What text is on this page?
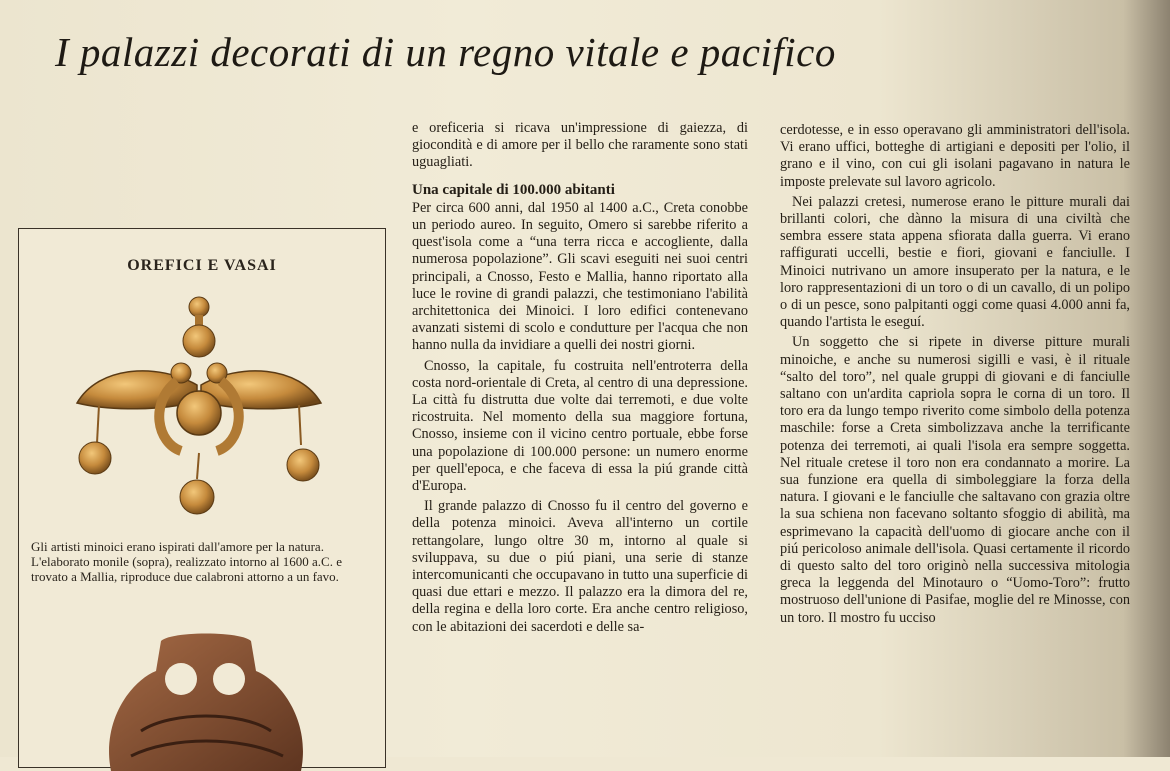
I palazzi decorati di un regno vitale e pacifico
OREFICI E VASAI

Gli artisti minoici erano ispirati dall'amore per la natura. L'elaborato monile (sopra), realizzato intorno al 1600 a.C. e trovato a Mallia, riproduce due calabroni attorno a un favo.

e oreficeria si ricava un'impressione di gaiezza, di giocondità e di amore per il bello che raramente sono stati uguagliati.

Una capitale di 100.000 abitanti

Per circa 600 anni, dal 1950 al 1400 a.C., Creta conobbe un periodo aureo. In seguito, Omero si sarebbe riferito a quest'isola come a “una terra ricca e accogliente, dalla numerosa popolazione”. Gli scavi eseguiti nei suoi centri principali, a Cnosso, Festo e Mallia, hanno riportato alla luce le rovine di grandi palazzi, che testimoniano l'abilità architettonica dei Minoici. I loro edifici contenevano avanzati sistemi di scolo e condutture per l'acqua che non hanno nulla da invidiare a quelli dei nostri giorni.

Cnosso, la capitale, fu costruita nell'entroterra della costa nord-orientale di Creta, al centro di una depressione. La città fu distrutta due volte dai terremoti, e due volte ricostruita. Nel momento della sua maggiore fortuna, Cnosso, insieme con il vicino centro portuale, ebbe forse una popolazione di 100.000 persone: un numero enorme per quell'epoca, e che faceva di essa la piú grande città d'Europa.

Il grande palazzo di Cnosso fu il centro del governo e della potenza minoici. Aveva all'interno un cortile rettangolare, lungo oltre 30 m, intorno al quale si sviluppava, su due o piú piani, una serie di stanze intercomunicanti che occupavano in tutto una superficie di quasi due ettari e mezzo. Il palazzo era la dimora del re, della regina e della loro corte. Era anche centro religioso, con le abitazioni dei sacerdoti e delle sa-

cerdotesse, e in esso operavano gli amministratori dell'isola. Vi erano uffici, botteghe di artigiani e depositi per l'olio, il grano e il vino, con cui gli isolani pagavano in natura le imposte prelevate sul lavoro agricolo.

Nei palazzi cretesi, numerose erano le pitture murali dai brillanti colori, che dànno la misura di una civiltà che sembra essere stata appena sfiorata dalla guerra. Vi erano raffigurati uccelli, bestie e fiori, giovani e fanciulle. I Minoici nutrivano un amore insuperato per la natura, e le loro rappresentazioni di un toro o di un cavallo, di un polipo o di un pesce, sono palpitanti oggi come quasi 4.000 anni fa, quando l'artista le eseguí.

Un soggetto che si ripete in diverse pitture murali minoiche, e anche su numerosi sigilli e vasi, è il rituale “salto del toro”, nel quale gruppi di giovani e di fanciulle saltano con un'ardita capriola sopra le corna di un toro. Il toro era da lungo tempo riverito come simbolo della potenza maschile: forse a Creta simbolizzava anche la terrificante potenza dei terremoti, ai quali l'isola era sempre soggetta. Nel rituale cretese il toro non era condannato a morire. La sua funzione era quella di simboleggiare la forza della natura. I giovani e le fanciulle che saltavano con grazia oltre la sua schiena non facevano soltanto sfoggio di abilità, ma esprimevano la capacità dell'uomo di giocare anche con il piú pericoloso animale dell'isola. Quasi certamente il ricordo di questo salto del toro originò nella successiva mitologia greca la leggenda del Minotauro o “Uomo-Toro”: frutto mostruoso dell'unione di Pasifae, moglie del re Minosse, con un toro. Il mostro fu ucciso
